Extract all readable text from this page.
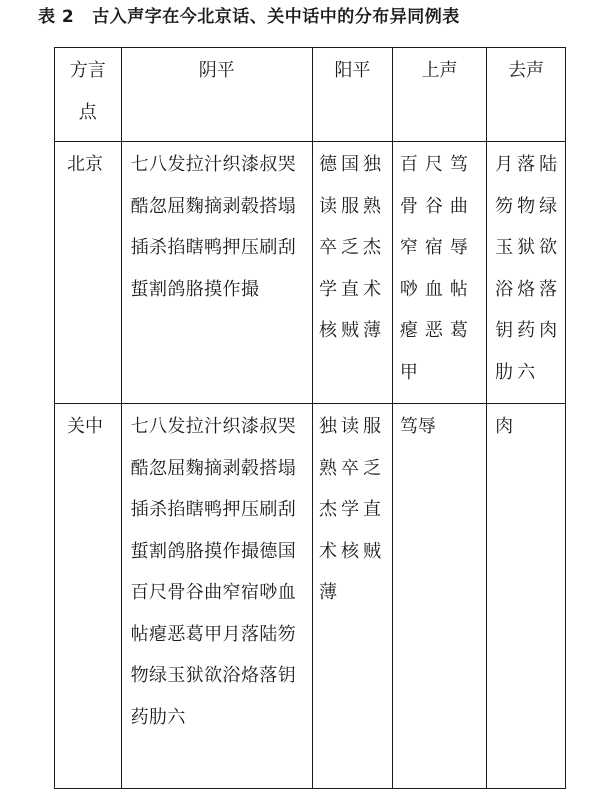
表 2 古入声字在今北京话、关中话中的分布异同例表
方言点	阴平	阳平	上声	去声

北京	七八发拉汁织漆叔哭酷忽屈麴摘剥毂搭塌插杀掐瞎鸭押压刷刮蜇割鸽胳摸作撮	德国独读服熟卒乏杰学直术核贼薄	百尺笃骨谷曲窄宿辱唦血帖瘪恶葛甲	月落陆笏物绿玉狱欲浴烙落钥药肉肋六

关中	七八发拉汁织漆叔哭酷忽屈麴摘剥毂搭塌插杀掐瞎鸭押压刷刮蜇割鸽胳摸作撮德国百尺骨谷曲窄宿唦血帖瘪恶葛甲月落陆笏物绿玉狱欲浴烙落钥药肋六	独读服熟卒乏杰学直术核贼薄	笃辱	肉
